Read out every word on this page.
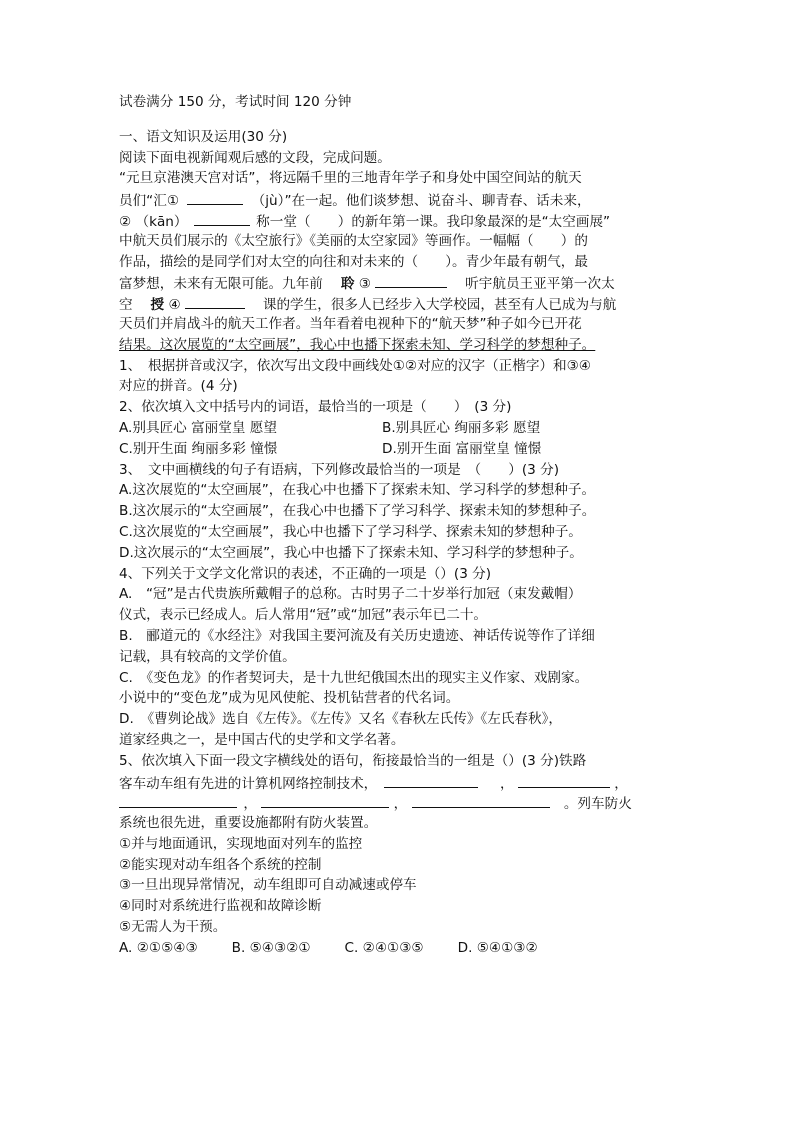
试卷满分 150 分，考试时间 120 分钟
一、语文知识及运用(30 分)
阅读下面电视新闻观后感的文段，完成问题。
“元旦京港澳天宫对话”，将远隔千里的三地青年学子和身处中国空间站的航天
员们“汇①	（jù）”在一起。他们谈梦想、说奋斗、聊青春、话未来，
② （kān）	称一堂（　　）的新年第一课。我印象最深的是“太空画展”
中航天员们展示的《太空旅行》《美丽的太空家园》等画作。一幅幅（　　）的
作品，描绘的是同学们对太空的向往和对未来的（　　）。青少年最有朝气，最
富梦想，未来有无限可能。九年前　 聆 ③	　听宇航员王亚平第一次太
空　 授 ④	　课的学生，很多人已经步入大学校园，甚至有人已成为与航
天员们并肩战斗的航天工作者。当年看着电视种下的“航天梦”种子如今已开花
结果。这次展览的“太空画展”，我心中也播下探索未知、学习科学的梦想种子。
1、　根据拼音或汉字，依次写出文段中画线处①②对应的汉字（正楷字）和③④
对应的拼音。(4 分)
2、依次填入文中括号内的词语，最恰当的一项是（　　）　(3 分)
A.别具匠心 富丽堂皇 愿望	B.别具匠心 绚丽多彩 愿望
C.别开生面 绚丽多彩 憧憬	D.别开生面 富丽堂皇 憧憬
3、　文中画横线的句子有语病，下列修改最恰当的一项是　（　　）(3 分)
A.这次展览的“太空画展”，在我心中也播下了探索未知、学习科学的梦想种子。
B.这次展示的“太空画展”，在我心中也播下了学习科学、探索未知的梦想种子。
C.这次展览的“太空画展”，我心中也播下了学习科学、探索未知的梦想种子。
D.这次展示的“太空画展”，我心中也播下了探索未知、学习科学的梦想种子。
4、下列关于文学文化常识的表述，不正确的一项是（）(3 分)
A.　“冠”是古代贵族所戴帽子的总称。古时男子二十岁举行加冠（束发戴帽）
仪式，表示已经成人。后人常用“冠”或“加冠”表示年已二十。
B.　郦道元的《水经注》对我国主要河流及有关历史遗迹、神话传说等作了详细
记载，具有较高的文学价值。
C.　《变色龙》的作者契诃夫，是十九世纪俄国杰出的现实主义作家、戏剧家。
小说中的“变色龙”成为见风使舵、投机钻营者的代名词。
D.　《曹刿论战》选自《左传》。《左传》又名《春秋左氏传》《左氏春秋》，
道家经典之一，是中国古代的史学和文学名著。
5、依次填入下面一段文字横线处的语句，衔接最恰当的一组是（）(3 分)铁路
客车动车组有先进的计算机网络控制技术，	，	，
，	，	。列车防火
系统也很先进，重要设施都附有防火装置。
①并与地面通讯，实现地面对列车的监控
②能实现对动车组各个系统的控制
③一旦出现异常情况，动车组即可自动减速或停车
④同时对系统进行监视和故障诊断
⑤无需人为干预。
A. ②①⑤④③	B. ⑤④③②①	C. ②④①③⑤	D. ⑤④①③②
